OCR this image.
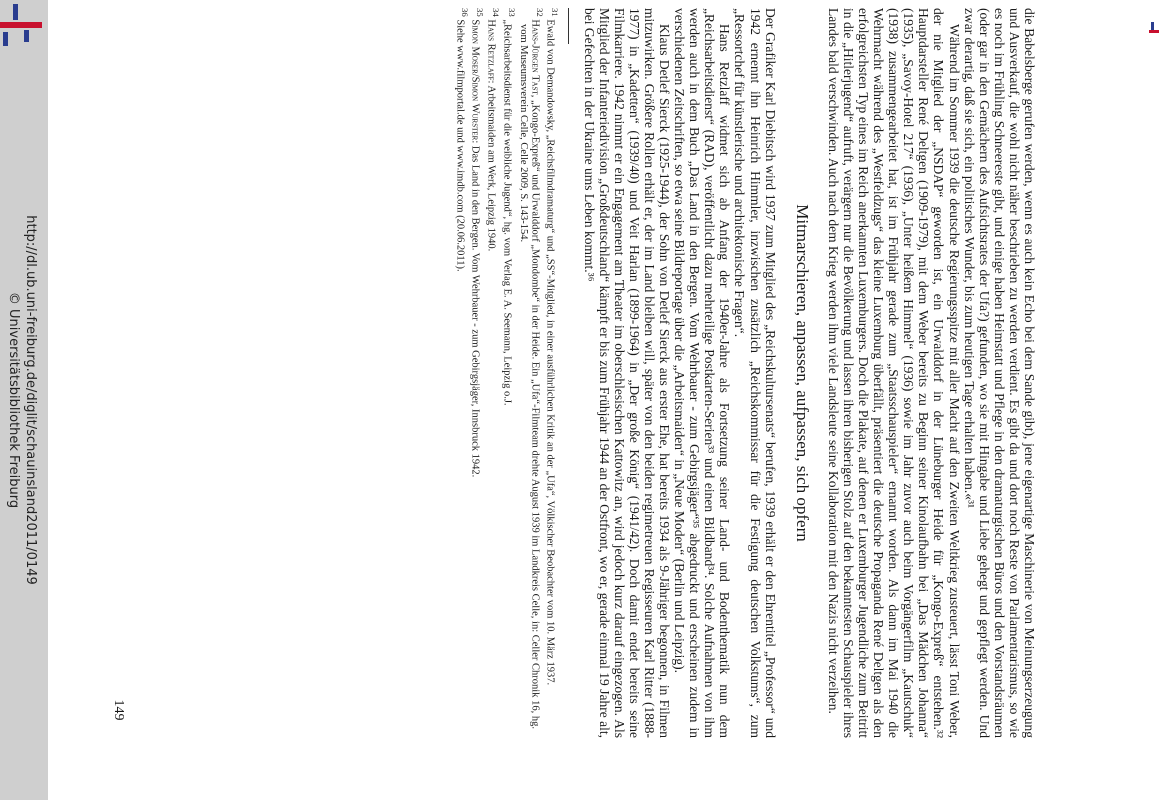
die Babelsberge gerufen werden, wenn es auch kein Echo bei dem Sande gibt), jene eigenartige Maschinerie von Meinungserzeugung und Ausverkauf, die wohl nicht näher beschrieben zu werden verdient. Es gibt da und dort noch Reste von Parlamentarismus, so wie es noch im Frühling Schneereste gibt, und einige haben Heimstatt und Pflege in den dramaturgischen Büros und den Vorstandsräumen (oder gar in den Gemächern des Aufsichtsrates der Ufa?) gefunden, wo sie mit Hingabe und Liebe gehegt und gepflegt werden. Und zwar derartig, daß sie sich, ein politisches Wunder, bis zum heutigen Tage erhalten haben.«³¹

Während im Sommer 1939 die deutsche Regierungsspitze mit aller Macht auf den Zweiten Weltkrieg zusteuert, lässt Toni Weber, der nie Mitglied der „NSDAP“ geworden ist, ein Urwalddorf in der Lüneburger Heide für „Kongo-Expreß“ entstehen.³² Hauptdarsteller René Deltgen (1909-1979), mit dem Weber bereits zu Beginn seiner Kinolaufbahn bei „Das Mädchen Johanna“ (1935), „Savoy-Hotel 217“ (1936), „Unter heißem Himmel“ (1936) sowie im Jahr zuvor auch beim Vorgängerfilm „Kautschuk“ (1938) zusammengearbeitet hat, ist im Frühjahr gerade zum „Staatsschauspieler“ ernannt worden. Als dann im Mai 1940 die Wehrmacht während des „Westfeldzugs“ das kleine Luxemburg überfällt, präsentiert die deutsche Propaganda René Deltgen als den erfolgreichsten Typ eines im Reich anerkannten Luxemburgers. Doch die Plakate, auf denen er Luxemburger Jugendliche zum Beitritt in die „Hitlerjugend“ aufruft, verärgern nur die Bevölkerung und lassen ihren bisherigen Stolz auf den bekanntesten Schauspieler ihres Landes bald verschwinden. Auch nach dem Krieg werden ihm viele Landsleute seine Kollaboration mit den Nazis nicht verzeihen.

Mitmarschieren, anpassen, aufpassen, sich opfern

Der Grafiker Karl Diebitsch wird 1937 zum Mitglied des „Reichskultursenats“ berufen, 1939 erhält er den Ehrentitel „Professor“ und 1942 ernennt ihn Heinrich Himmler, inzwischen zusätzlich „Reichskommissar für die Festigung deutschen Volkstums“, zum „Ressortchef für künstlerische und architektonische Fragen“.

Hans Retzlaff widmet sich ab Anfang der 1940er-Jahre als Fortsetzung seiner Land- und Bodenthematik nun dem „Reichsarbeitsdienst“ (RAD), veröffentlicht dazu mehrteilige Postkarten-Serien³³ und einen Bildband³⁴. Solche Aufnahmen von ihm werden auch in dem Buch „Das Land in den Bergen. Vom Wehrbauer - zum Gebirgsjäger“³⁵ abgedruckt und erscheinen zudem in verschiedenen Zeitschriften, so etwa seine Bildreportage über die „Arbeitsmaiden“ in „Neue Moden“ (Berlin und Leipzig).

Klaus Detlef Sierck (1925-1944), der Sohn von Detlef Sierck aus erster Ehe, hat bereits 1934 als 9-Jähriger begonnen, in Filmen mitzuwirken. Größere Rollen erhält er, der im Land bleiben will, später von den beiden regimetreuen Regisseuren Karl Ritter (1888-1977) in „Kadetten“ (1939/40) und Veit Harlan (1899-1964) in „Der große König“ (1941/42). Doch damit endet bereits seine Filmkarriere. 1942 nimmt er ein Engagement am Theater im oberschlesischen Kattowitz an, wird jedoch kurz darauf eingezogen. Als Mitglied der Infanteriedivision „Großdeutschland“ kämpft er bis zum Frühjahr 1944 an der Ostfront, wo er, gerade einmal 19 Jahre alt, bei Gefechten in der Ukraine ums Leben kommt.³⁶

$^{31}$ Ewald von Demandowsky, „Reichsfilmdramaturg“ und „SS“-Mitglied, in einer ausführlichen Kritik an der „Ufa“, Völkischer Beobachter vom 10. März 1937.
$^{32}$ Hans-Jürgen Tast, „Kongo-Expreß“ und Urwalddorf „Mondombe“ in der Heide. Ein „Ufa“-Filmteam drehte August 1939 im Landkreis Celle, in: Celler Chronik 16, hg. vom Museumsverein Celle, Celle 2009, S. 143-154.
$^{33}$ „Reichsarbeitsdienst für die weibliche Jugend“, hg. vom Verlag E. A. Seemann, Leipzig o.J.
$^{34}$ Hans Retzlaff: Arbeitsmaiden am Werk, Leipzig 1940.
$^{35}$ Simon Moser/Simon Wurster: Das Land in den Bergen. Vom Wehrbauer - zum Gebirgsjäger, Innsbruck 1942.
$^{36}$ Siehe www.filmportal.de und www.imdb.com (20.06.2011).
149
http://dl.ub.uni-freiburg.de/diglit/schauinsland2011/0149
© Universitätsbibliothek Freiburg
